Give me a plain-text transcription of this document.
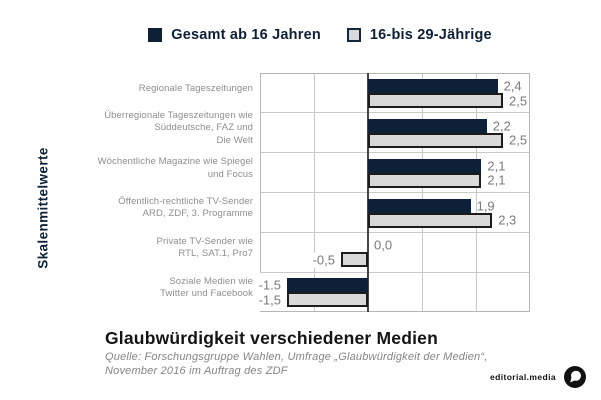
Gesamt ab 16 Jahren	16-bis 29-Jährige
Skalenmittelwerte
Regionale Tageszeitungen
Überregionale Tageszeitungen wie
Süddeutsche, FAZ und
Die Welt
Wöchentliche Magazine wie Spiegel
und Focus
Öffentlich-rechtliche TV-Sender
ARD, ZDF, 3. Programme
Private TV-Sender wie
RTL, SAT.1, Pro7
Soziale Medien wie
Twitter und Facebook
2,4
2,2
2,1
1,9
0,0
-1.5
2,5
2,5
2,1
2,3
-0,5
-1,5
Glaubwürdigkeit verschiedener Medien
Quelle: Forschungsgruppe Wahlen, Umfrage „Glaubwürdigkeit der Medien“,
November 2016 im Auftrag des ZDF
editorial.media
